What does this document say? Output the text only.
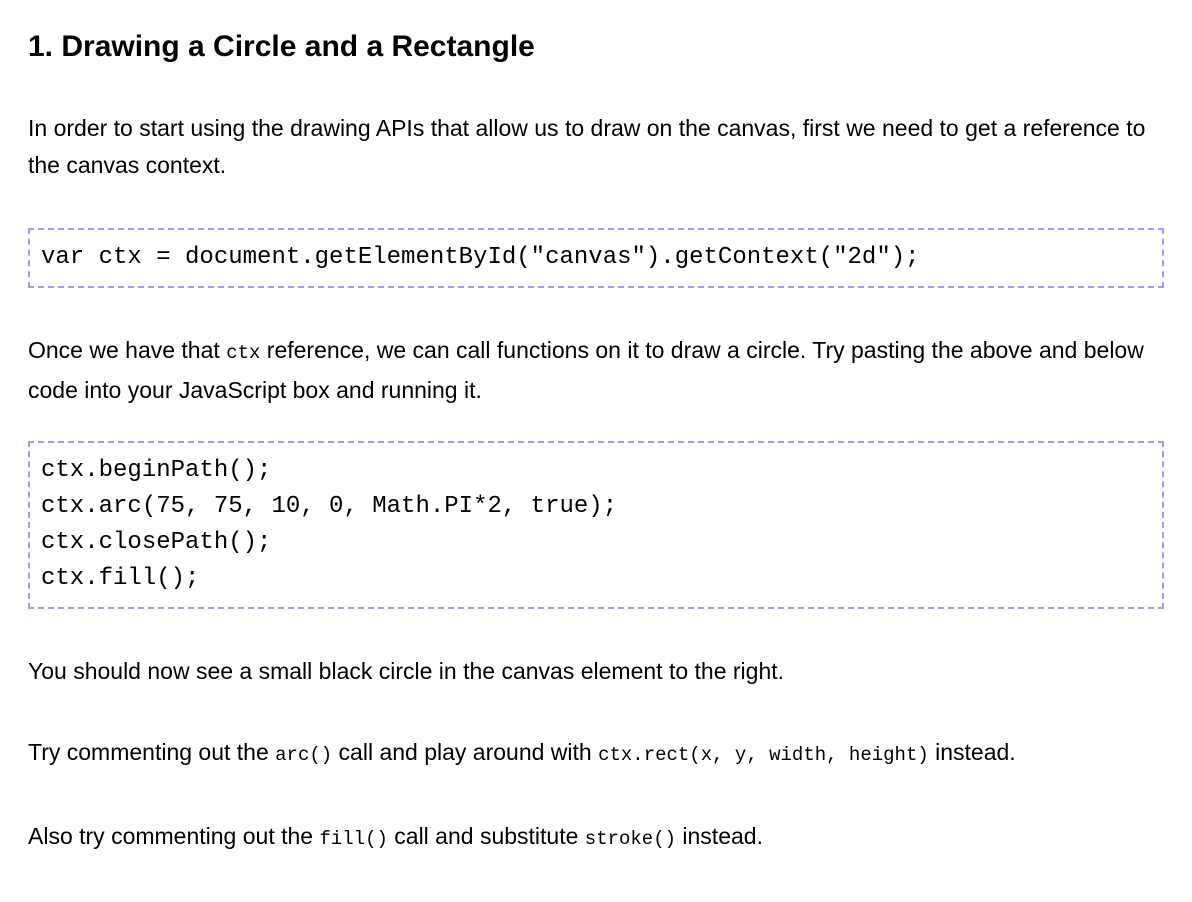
1. Drawing a Circle and a Rectangle

In order to start using the drawing APIs that allow us to draw on the canvas, first we need to get a reference to the canvas context.

var ctx = document.getElementById("canvas").getContext("2d");

Once we have that ctx reference, we can call functions on it to draw a circle. Try pasting the above and below code into your JavaScript box and running it.

ctx.beginPath();
ctx.arc(75, 75, 10, 0, Math.PI*2, true);
ctx.closePath();
ctx.fill();

You should now see a small black circle in the canvas element to the right.

Try commenting out the arc() call and play around with ctx.rect(x, y, width, height) instead.

Also try commenting out the fill() call and substitute stroke() instead.
